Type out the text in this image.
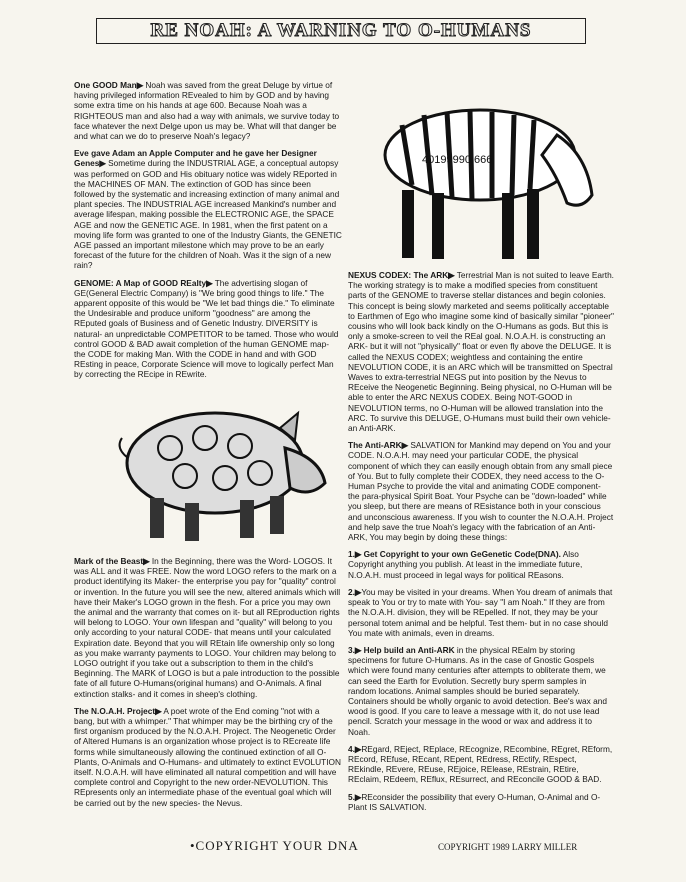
RE NOAH: A WARNING TO O-HUMANS

One GOOD Man▶ Noah was saved from the great Deluge by virtue of having privileged information REvealed to him by GOD and by having some extra time on his hands at age 600. Because Noah was a RIGHTEOUS man and also had a way with animals, we survive today to face whatever the next Delge upon us may be. What will that danger be and what can we do to preserve Noah's legacy?

Eve gave Adam an Apple Computer and he gave her Designer Genes▶ Sometime during the INDUSTRIAL AGE, a conceptual autopsy was performed on GOD and His obituary notice was widely REported in the MACHINES OF MAN. The extinction of GOD has since been followed by the systematic and increasing extinction of many animal and plant species. The INDUSTRIAL AGE increased Mankind's number and average lifespan, making possible the ELECTRONIC AGE, the SPACE AGE and now the GENETIC AGE. In 1981, when the first patent on a moving life form was granted to one of the Industry Giants, the GENETIC AGE passed an important milestone which may prove to be an early forecast of the future for the children of Noah. Was it the sign of a new rain?

GENOME: A Map of GOOD REalty▶ The advertising slogan of GE(General Electric Company) is "We bring good things to life." The apparent opposite of this would be "We let bad things die." To eliminate the Undesirable and produce uniform "goodness" are among the REputed goals of Business and of Genetic Industry. DIVERSITY is natural- an unpredictable COMPETITOR to be tamed. Those who would control GOOD & BAD await completion of the human GENOME map- the CODE for making Man. With the CODE in hand and with GOD REsting in peace, Corporate Science will move to logically perfect Man by correcting the REcipe in REwrite.

Mark of the Beast▶ In the Beginning, there was the Word- LOGOS. It was ALL and it was FREE. Now the word LOGO refers to the mark on a product identifying its Maker- the enterprise you pay for "quality" control or invention. In the future you will see the new, altered animals which will have their Maker's LOGO grown in the flesh. For a price you may own the animal and the warranty that comes on it- but all REproduction rights will belong to LOGO. Your own lifespan and "quality" will belong to you only according to your natural CODE- that means until your calculated Expiration date. Beyond that you will REtain life ownership only so long as you make warranty payments to LOGO. Your children may belong to LOGO outright if you take out a subscription to them in the child's Beginning. The MARK of LOGO is but a pale introduction to the possible fate of all future O-Humans(original humans) and O-Animals. A final extinction stalks- and it comes in sheep's clothing.

The N.O.A.H. Project▶ A poet wrote of the End coming "not with a bang, but with a whimper." That whimper may be the birthing cry of the first organism produced by the N.O.A.H. Project. The Neogenetic Order of Altered Humans is an organization whose project is to REcreate life forms while simultaneously allowing the continued extinction of all O-Plants, O-Animals and O-Humans- and ultimately to extinct EVOLUTION itself. N.O.A.H. will have eliminated all natural competition and will have complete control and Copyright to the new order-NEVOLUTION. This REpresents only an intermediate phase of the eventual goal which will be carried out by the new species- the Nevus.

40199990 666

NEXUS CODEX: The ARK▶ Terrestrial Man is not suited to leave Earth. The working strategy is to make a modified species from constituent parts of the GENOME to traverse stellar distances and begin colonies. This concept is being slowly marketed and seems politically acceptable to Earthmen of Ego who imagine some kind of basically similar "pioneer" cousins who will look back kindly on the O-Humans as gods. But this is only a smoke-screen to veil the REal goal. N.O.A.H. is constructing an ARK- but it will not "physically" float or even fly above the DELUGE. It is called the NEXUS CODEX; weightless and containing the entire NEVOLUTION CODE, it is an ARC which will be transmitted on Spectral Waves to extra-terrestrial NEGS put into position by the Nevus to REceive the Neogenetic Beginning. Being physical, no O-Human will be able to enter the ARC NEXUS CODEX. Being NOT-GOOD in NEVOLUTION terms, no O-Human will be allowed translation into the ARC. To survive this DELUGE, O-Humans must build their own vehicle- an Anti-ARK.

The Anti-ARK▶ SALVATION for Mankind may depend on You and your CODE. N.O.A.H. may need your particular CODE, the physical component of which they can easily enough obtain from any small piece of You. But to fully complete their CODEX, they need access to the O-Human Psyche to provide the vital and animating CODE component- the para-physical Spirit Boat. Your Psyche can be "down-loaded" while you sleep, but there are means of REsistance both in your conscious and unconscious awareness. If you wish to counter the N.O.A.H. Project and help save the true Noah's legacy with the fabrication of an Anti-ARK, You may begin by doing these things:

1.▶ Get Copyright to your own GeGenetic Code(DNA). Also Copyright anything you publish. At least in the immediate future, N.O.A.H. must proceed in legal ways for political REasons.

2.▶You may be visited in your dreams. When You dream of animals that speak to You or try to mate with You- say "I am Noah." If they are from the N.O.A.H. division, they will be REpelled. If not, they may be your personal totem animal and be helpful. Test them- but in no case should You mate with animals, even in dreams.

3.▶ Help build an Anti-ARK in the physical REalm by storing specimens for future O-Humans. As in the case of Gnostic Gospels which were found many centuries after attempts to obliterate them, we can seed the Earth for Evolution. Secretly bury sperm samples in random locations. Animal samples should be buried separately. Containers should be wholly organic to avoid detection. Bee's wax and wood is good. If you care to leave a message with it, do not use lead pencil. Scratch your message in the wood or wax and address it to Noah.

4.▶REgard, REject, REplace, REcognize, REcombine, REgret, REform, REcord, REfuse, REcant, REpent, REdress, REctify, REspect, REkindle, REvere, REuse, REjoice, RElease, REstrain, REtire, REclaim, REdeem, REflux, REsurrect, and REconcile GOOD & BAD.

5.▶REconsider the possibility that every O-Human, O-Animal and O-Plant IS SALVATION.

•COPYRIGHT YOUR DNA	COPYRIGHT 1989 LARRY MILLER
